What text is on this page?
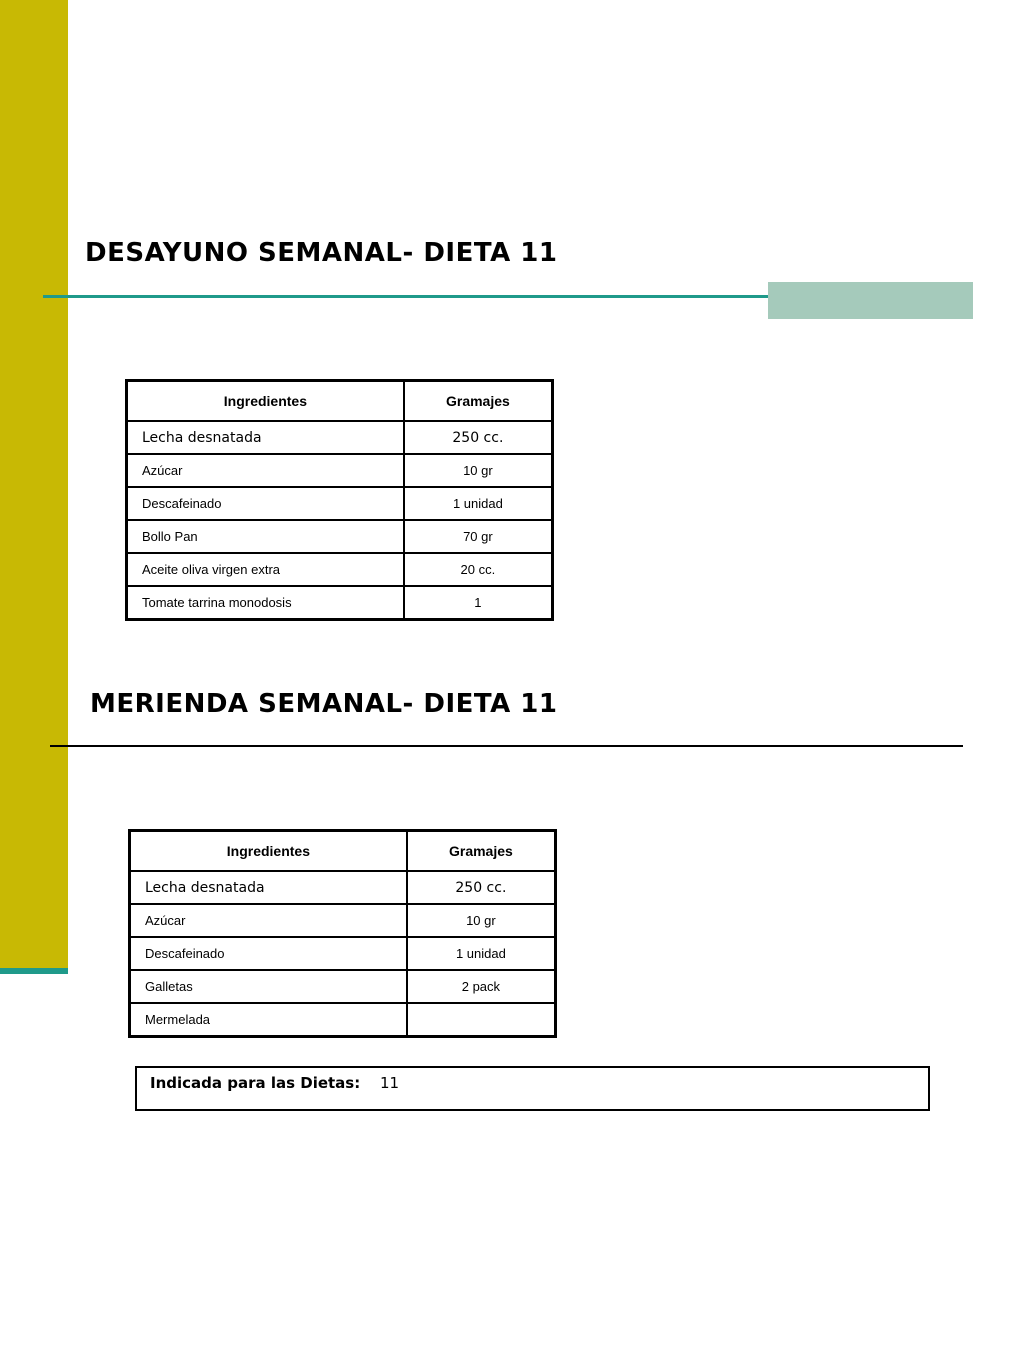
DESAYUNO SEMANAL- DIETA 11
Ingredientes	Gramajes
Lecha desnatada	250 cc.
Azúcar	10 gr
Descafeinado	1 unidad
Bollo Pan	70 gr
Aceite oliva virgen extra	20 cc.
Tomate tarrina monodosis	1
MERIENDA SEMANAL- DIETA 11
Ingredientes	Gramajes
Lecha desnatada	250 cc.
Azúcar	10 gr
Descafeinado	1 unidad
Galletas	2 pack
Mermelada	
Indicada para las Dietas: 11
